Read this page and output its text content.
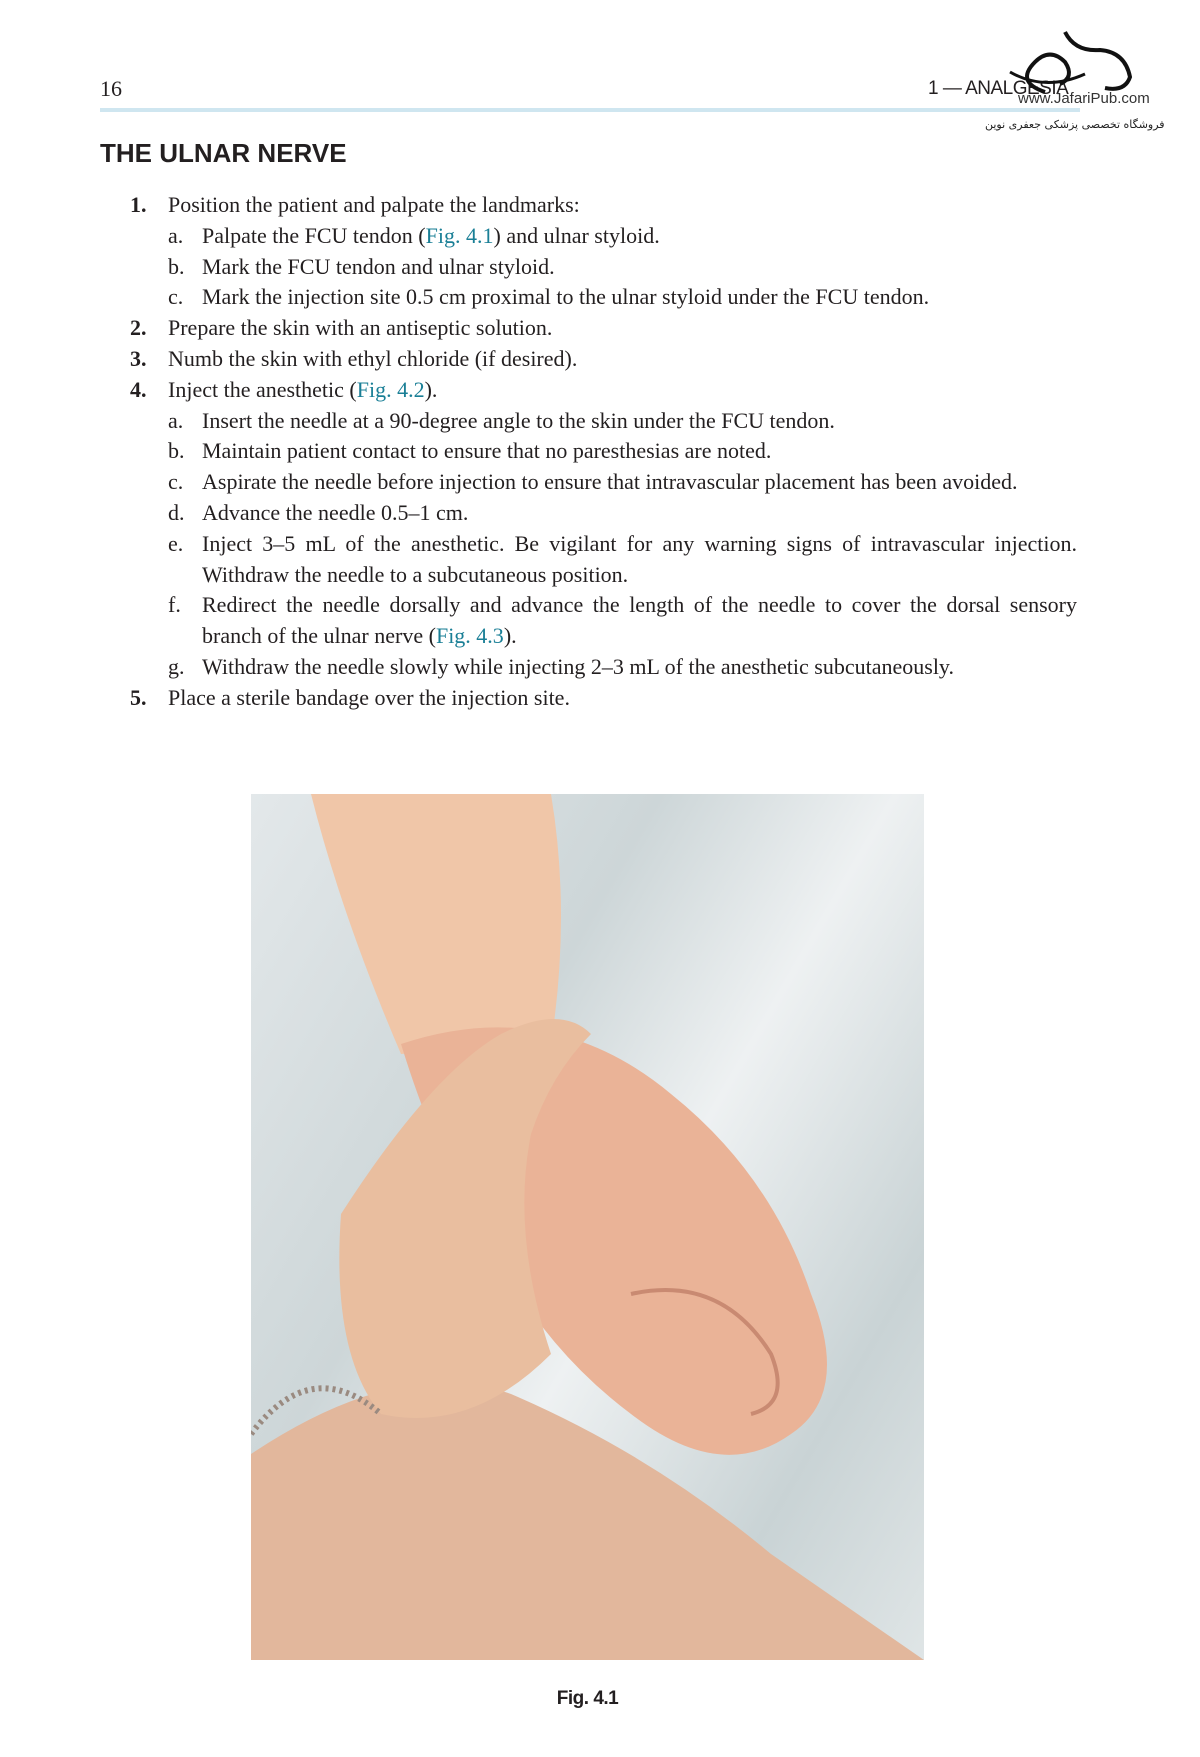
16	1 — ANALGESIA
www.JafariPub.com
فروشگاه تخصصی پزشکی جعفری نوین
THE ULNAR NERVE
1. Position the patient and palpate the landmarks:
a. Palpate the FCU tendon (Fig. 4.1) and ulnar styloid.
b. Mark the FCU tendon and ulnar styloid.
c. Mark the injection site 0.5 cm proximal to the ulnar styloid under the FCU tendon.
2. Prepare the skin with an antiseptic solution.
3. Numb the skin with ethyl chloride (if desired).
4. Inject the anesthetic (Fig. 4.2).
a. Insert the needle at a 90-degree angle to the skin under the FCU tendon.
b. Maintain patient contact to ensure that no paresthesias are noted.
c. Aspirate the needle before injection to ensure that intravascular placement has been avoided.
d. Advance the needle 0.5–1 cm.
e. Inject 3–5 mL of the anesthetic. Be vigilant for any warning signs of intravascular injection. Withdraw the needle to a subcutaneous position.
f. Redirect the needle dorsally and advance the length of the needle to cover the dorsal sensory branch of the ulnar nerve (Fig. 4.3).
g. Withdraw the needle slowly while injecting 2–3 mL of the anesthetic subcutaneously.
5. Place a sterile bandage over the injection site.
Fig. 4.1
